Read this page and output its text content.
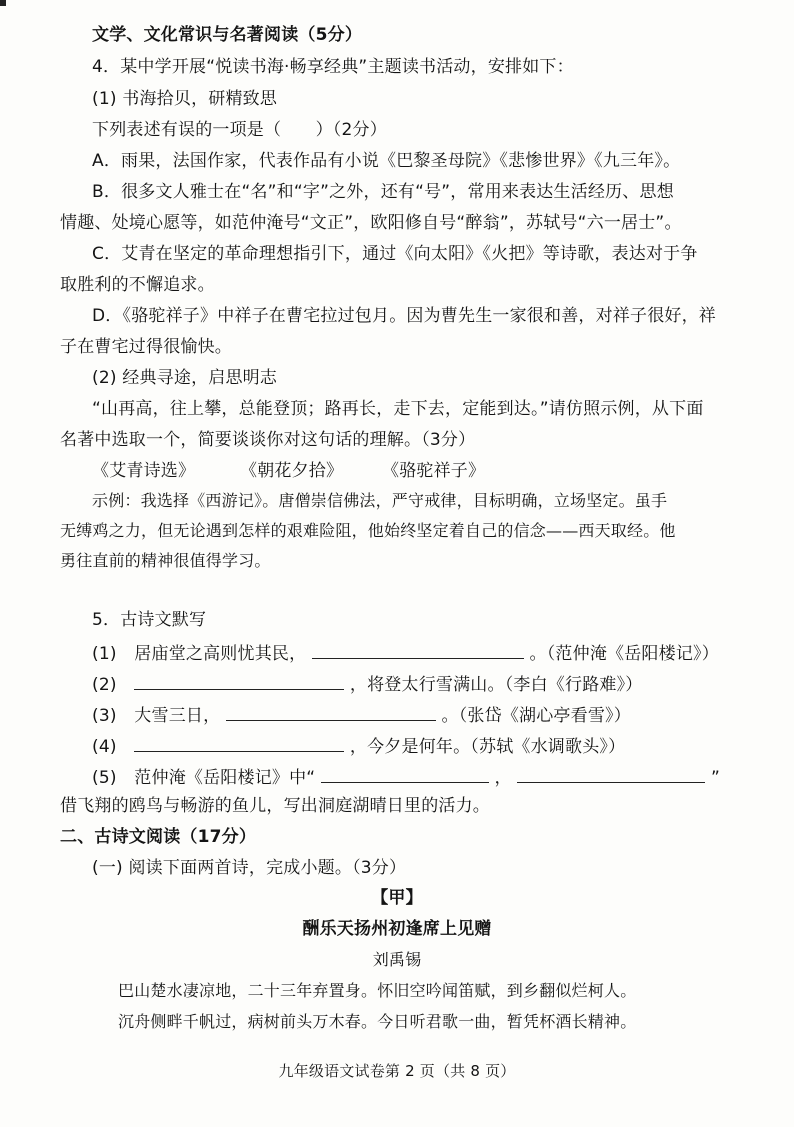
文学、文化常识与名著阅读（5分）
4．某中学开展“悦读书海·畅享经典”主题读书活动，安排如下：
(1) 书海拾贝，研精致思
下列表述有误的一项是（　　）（2分）
A．雨果，法国作家，代表作品有小说《巴黎圣母院》《悲惨世界》《九三年》。
B．很多文人雅士在“名”和“字”之外，还有“号”，常用来表达生活经历、思想
情趣、处境心愿等，如范仲淹号“文正”，欧阳修自号“醉翁”，苏轼号“六一居士”。
C．艾青在坚定的革命理想指引下，通过《向太阳》《火把》等诗歌，表达对于争
取胜利的不懈追求。
D．《骆驼祥子》中祥子在曹宅拉过包月。因为曹先生一家很和善，对祥子很好，祥
子在曹宅过得很愉快。
(2) 经典寻途，启思明志
“山再高，往上攀，总能登顶；路再长，走下去，定能到达。”请仿照示例，从下面
名著中选取一个，简要谈谈你对这句话的理解。（3分）
《艾青诗选》	《朝花夕拾》 《骆驼祥子》
示例：我选择《西游记》。唐僧崇信佛法，严守戒律，目标明确，立场坚定。虽手
无缚鸡之力，但无论遇到怎样的艰难险阻，他始终坚定着自己的信念——西天取经。他
勇往直前的精神很值得学习。
5．古诗文默写
(1) 居庙堂之高则忧其民，	。（范仲淹《岳阳楼记》）
(2)	，将登太行雪满山。（李白《行路难》）
(3) 大雪三日，	。（张岱《湖心亭看雪》）
(4)	，今夕是何年。（苏轼《水调歌头》）
(5) 范仲淹《岳阳楼记》中“	，	”
借飞翔的鸥鸟与畅游的鱼儿，写出洞庭湖晴日里的活力。
二、古诗文阅读（17分）
(一) 阅读下面两首诗，完成小题。（3分）
【甲】
酬乐天扬州初逢席上见赠
刘禹锡
巴山楚水凄凉地，二十三年弃置身。怀旧空吟闻笛赋，到乡翻似烂柯人。
沉舟侧畔千帆过，病树前头万木春。今日听君歌一曲，暂凭杯酒长精神。
九年级语文试卷第 2 页（共 8 页）
